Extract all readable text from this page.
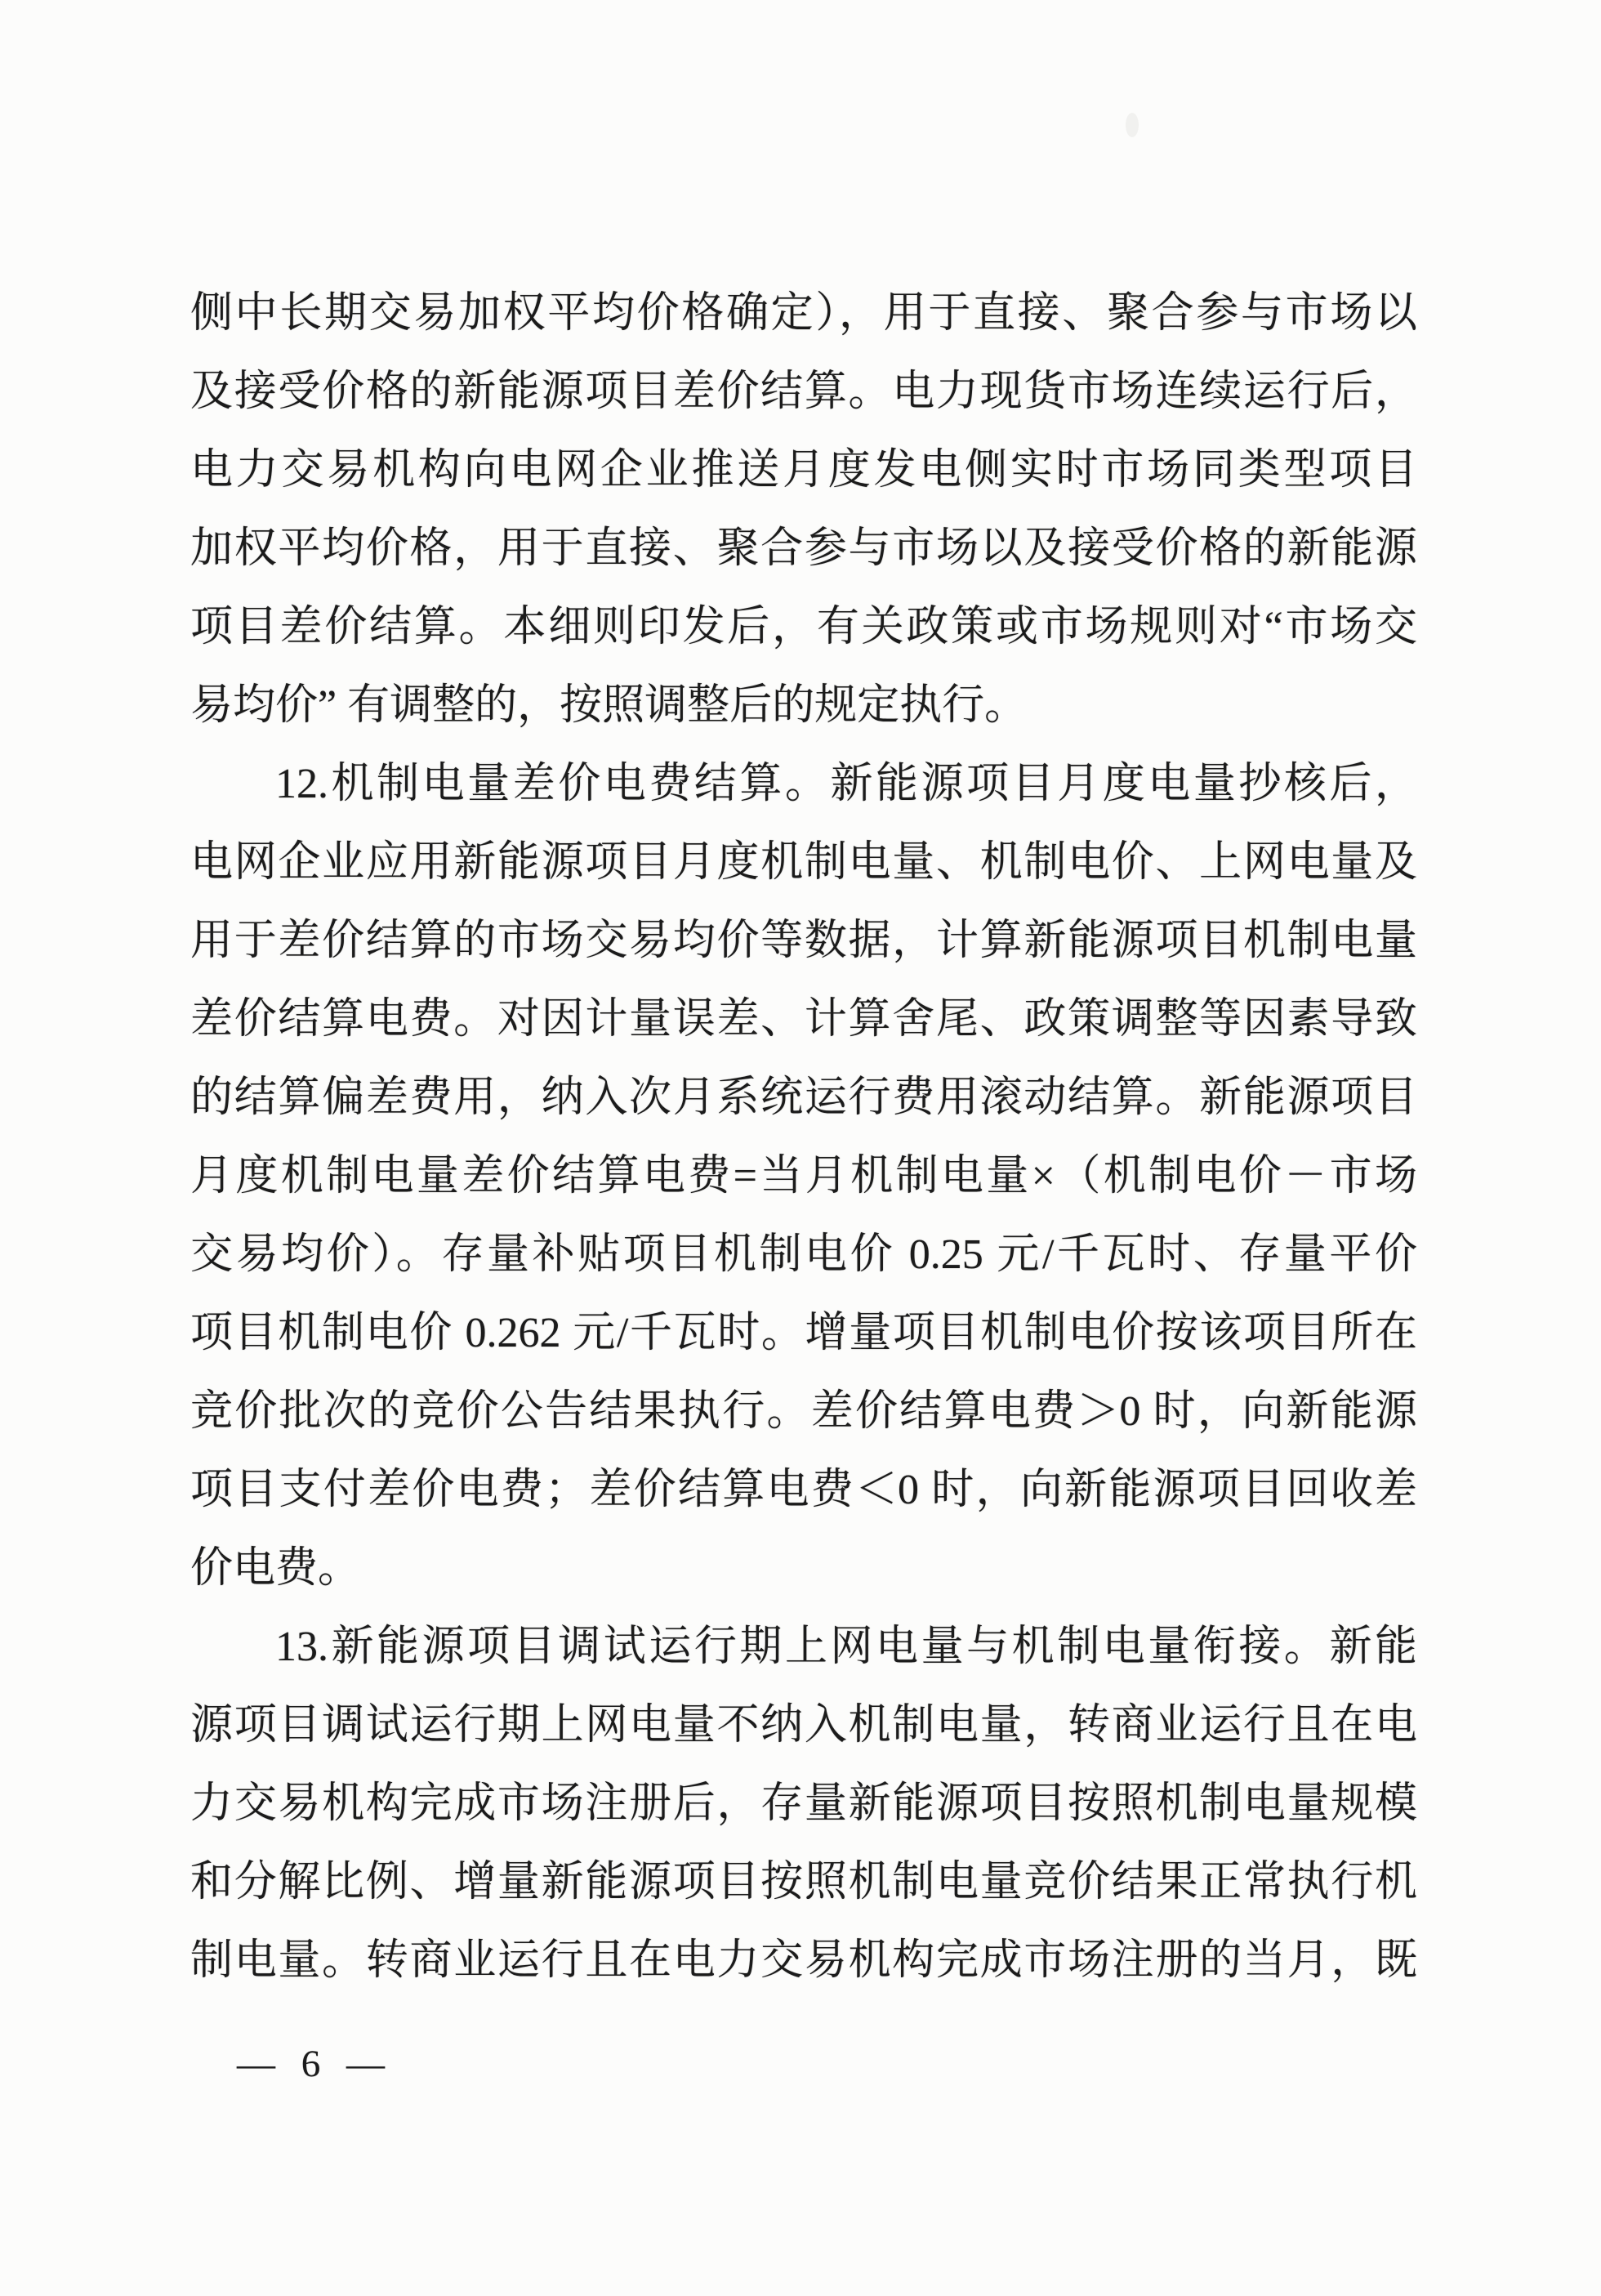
侧中长期交易加权平均价格确定），用于直接、聚合参与市场以

及接受价格的新能源项目差价结算。电力现货市场连续运行后，

电力交易机构向电网企业推送月度发电侧实时市场同类型项目

加权平均价格，用于直接、聚合参与市场以及接受价格的新能源

项目差价结算。本细则印发后，有关政策或市场规则对“市场交

易均价” 有调整的，按照调整后的规定执行。

12.机制电量差价电费结算。新能源项目月度电量抄核后，

电网企业应用新能源项目月度机制电量、机制电价、上网电量及

用于差价结算的市场交易均价等数据，计算新能源项目机制电量

差价结算电费。对因计量误差、计算舍尾、政策调整等因素导致

的结算偏差费用，纳入次月系统运行费用滚动结算。新能源项目

月度机制电量差价结算电费=当月机制电量×（机制电价－市场

交易均价）。存量补贴项目机制电价 0.25 元/千瓦时、存量平价

项目机制电价 0.262 元/千瓦时。增量项目机制电价按该项目所在

竞价批次的竞价公告结果执行。差价结算电费＞0 时，向新能源

项目支付差价电费；差价结算电费＜0 时，向新能源项目回收差

价电费。

13.新能源项目调试运行期上网电量与机制电量衔接。新能

源项目调试运行期上网电量不纳入机制电量，转商业运行且在电

力交易机构完成市场注册后，存量新能源项目按照机制电量规模

和分解比例、增量新能源项目按照机制电量竞价结果正常执行机

制电量。转商业运行且在电力交易机构完成市场注册的当月，既

— 6 —
